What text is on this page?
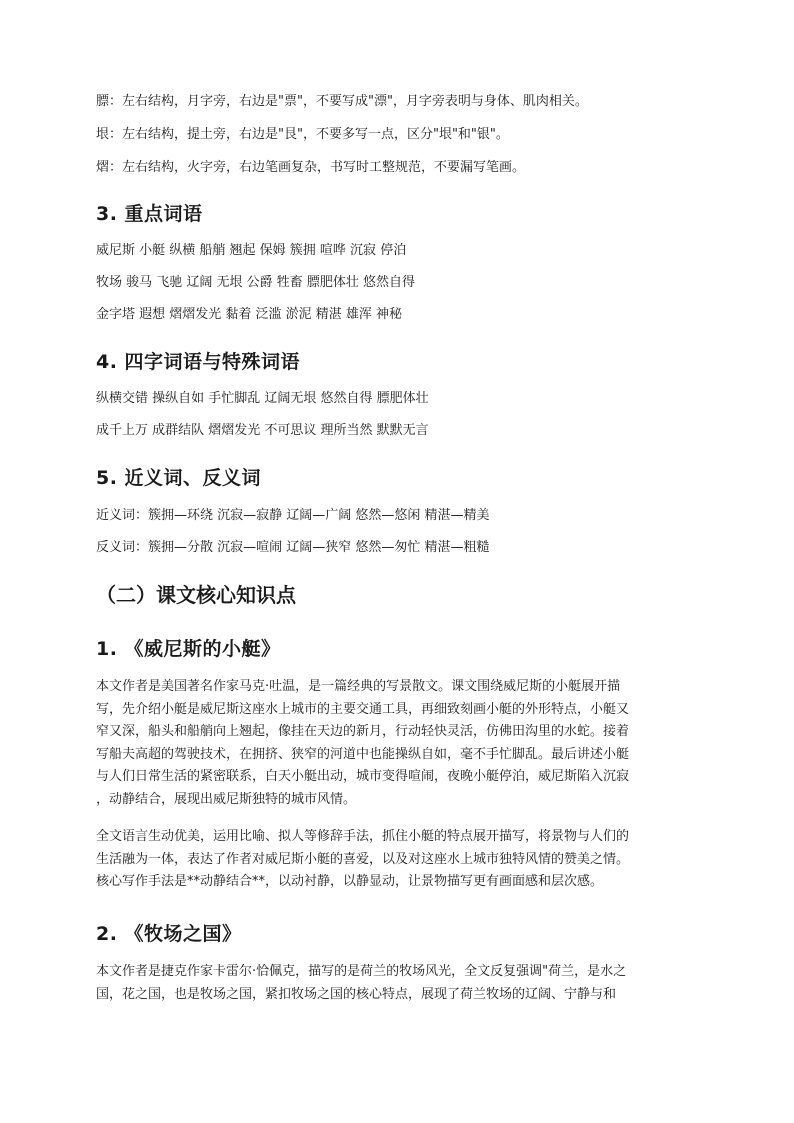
膘：左右结构，月字旁，右边是"票"，不要写成"漂"，月字旁表明与身体、肌肉相关。

垠：左右结构，提土旁，右边是"艮"，不要多写一点，区分"垠"和"银"。

熠：左右结构，火字旁，右边笔画复杂，书写时工整规范，不要漏写笔画。

3. 重点词语

威尼斯 小艇 纵横 船艄 翘起 保姆 簇拥 喧哗 沉寂 停泊

牧场 骏马 飞驰 辽阔 无垠 公爵 牲畜 膘肥体壮 悠然自得

金字塔 遐想 熠熠发光 黏着 泛滥 淤泥 精湛 雄浑 神秘

4. 四字词语与特殊词语

纵横交错 操纵自如 手忙脚乱 辽阔无垠 悠然自得 膘肥体壮

成千上万 成群结队 熠熠发光 不可思议 理所当然 默默无言

5. 近义词、反义词

近义词：簇拥—环绕 沉寂—寂静 辽阔—广阔 悠然—悠闲 精湛—精美

反义词：簇拥—分散 沉寂—喧闹 辽阔—狭窄 悠然—匆忙 精湛—粗糙

（二）课文核心知识点
1. 《威尼斯的小艇》
本文作者是美国著名作家马克·吐温，是一篇经典的写景散文。课文围绕威尼斯的小艇展开描
写，先介绍小艇是威尼斯这座水上城市的主要交通工具，再细致刻画小艇的外形特点，小艇又
窄又深，船头和船艄向上翘起，像挂在天边的新月，行动轻快灵活，仿佛田沟里的水蛇。接着
写船夫高超的驾驶技术，在拥挤、狭窄的河道中也能操纵自如，毫不手忙脚乱。最后讲述小艇
与人们日常生活的紧密联系，白天小艇出动，城市变得喧闹，夜晚小艇停泊，威尼斯陷入沉寂
，动静结合，展现出威尼斯独特的城市风情。
全文语言生动优美，运用比喻、拟人等修辞手法，抓住小艇的特点展开描写，将景物与人们的
生活融为一体，表达了作者对威尼斯小艇的喜爱，以及对这座水上城市独特风情的赞美之情。
核心写作手法是**动静结合**，以动衬静，以静显动，让景物描写更有画面感和层次感。
2. 《牧场之国》
本文作者是捷克作家卡雷尔·恰佩克，描写的是荷兰的牧场风光，全文反复强调"荷兰，是水之
国，花之国，也是牧场之国，紧扣牧场之国的核心特点，展现了荷兰牧场的辽阔、宁静与和
